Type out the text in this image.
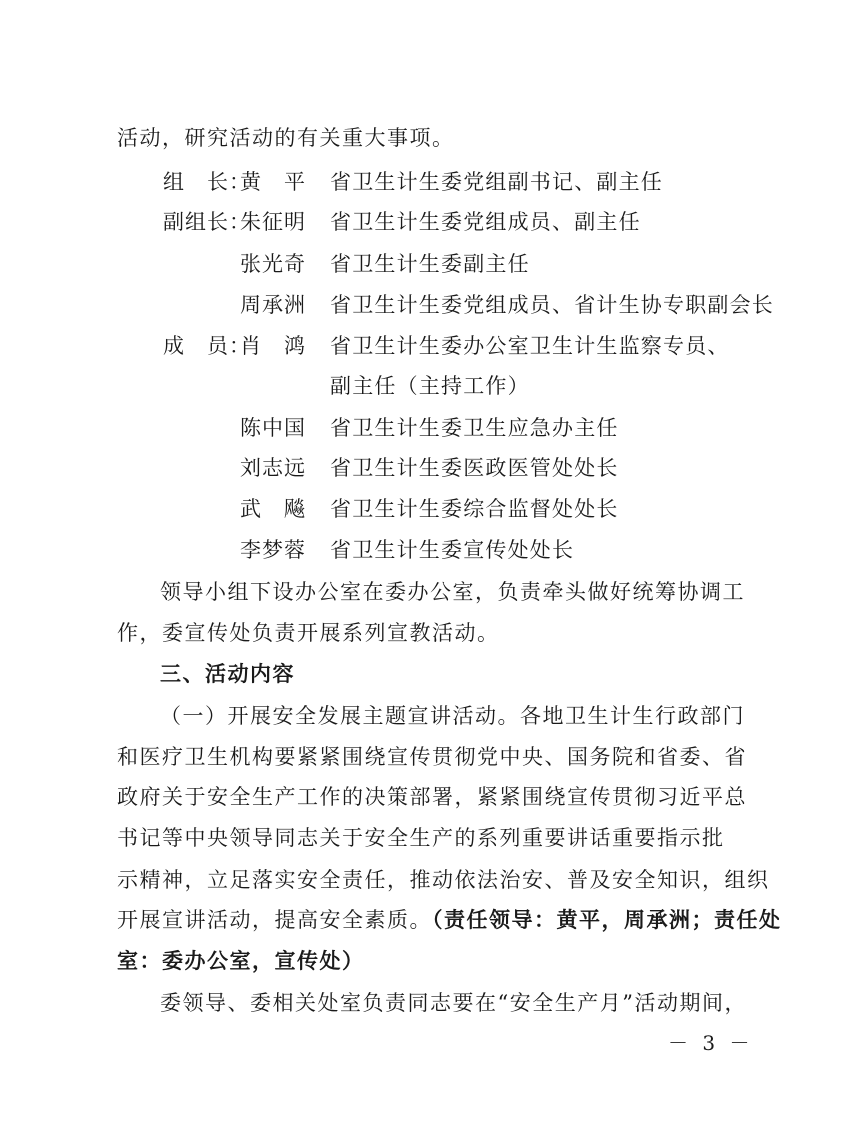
活动，研究活动的有关重大事项。
组　长：
黄　平 省卫生计生委党组副书记、副主任
副组长：
朱征明 省卫生计生委党组成员、副主任
张光奇 省卫生计生委副主任
周承洲 省卫生计生委党组成员、省计生协专职副会长
成　员：
肖　鸿 省卫生计生委办公室卫生计生监察专员、
副主任（主持工作）
陈中国 省卫生计生委卫生应急办主任
刘志远 省卫生计生委医政医管处处长
武　飚 省卫生计生委综合监督处处长
李梦蓉 省卫生计生委宣传处处长
领导小组下设办公室在委办公室，负责牵头做好统筹协调工
作，委宣传处负责开展系列宣教活动。
三、活动内容
（一）开展安全发展主题宣讲活动。各地卫生计生行政部门
和医疗卫生机构要紧紧围绕宣传贯彻党中央、国务院和省委、省
政府关于安全生产工作的决策部署，紧紧围绕宣传贯彻习近平总
书记等中央领导同志关于安全生产的系列重要讲话重要指示批
示精神，立足落实安全责任，推动依法治安、普及安全知识，组织
开展宣讲活动，提高安全素质。（责任领导：黄平，周承洲；责任处
室：委办公室，宣传处）
委领导、委相关处室负责同志要在“安全生产月”活动期间，
－ 3 －
